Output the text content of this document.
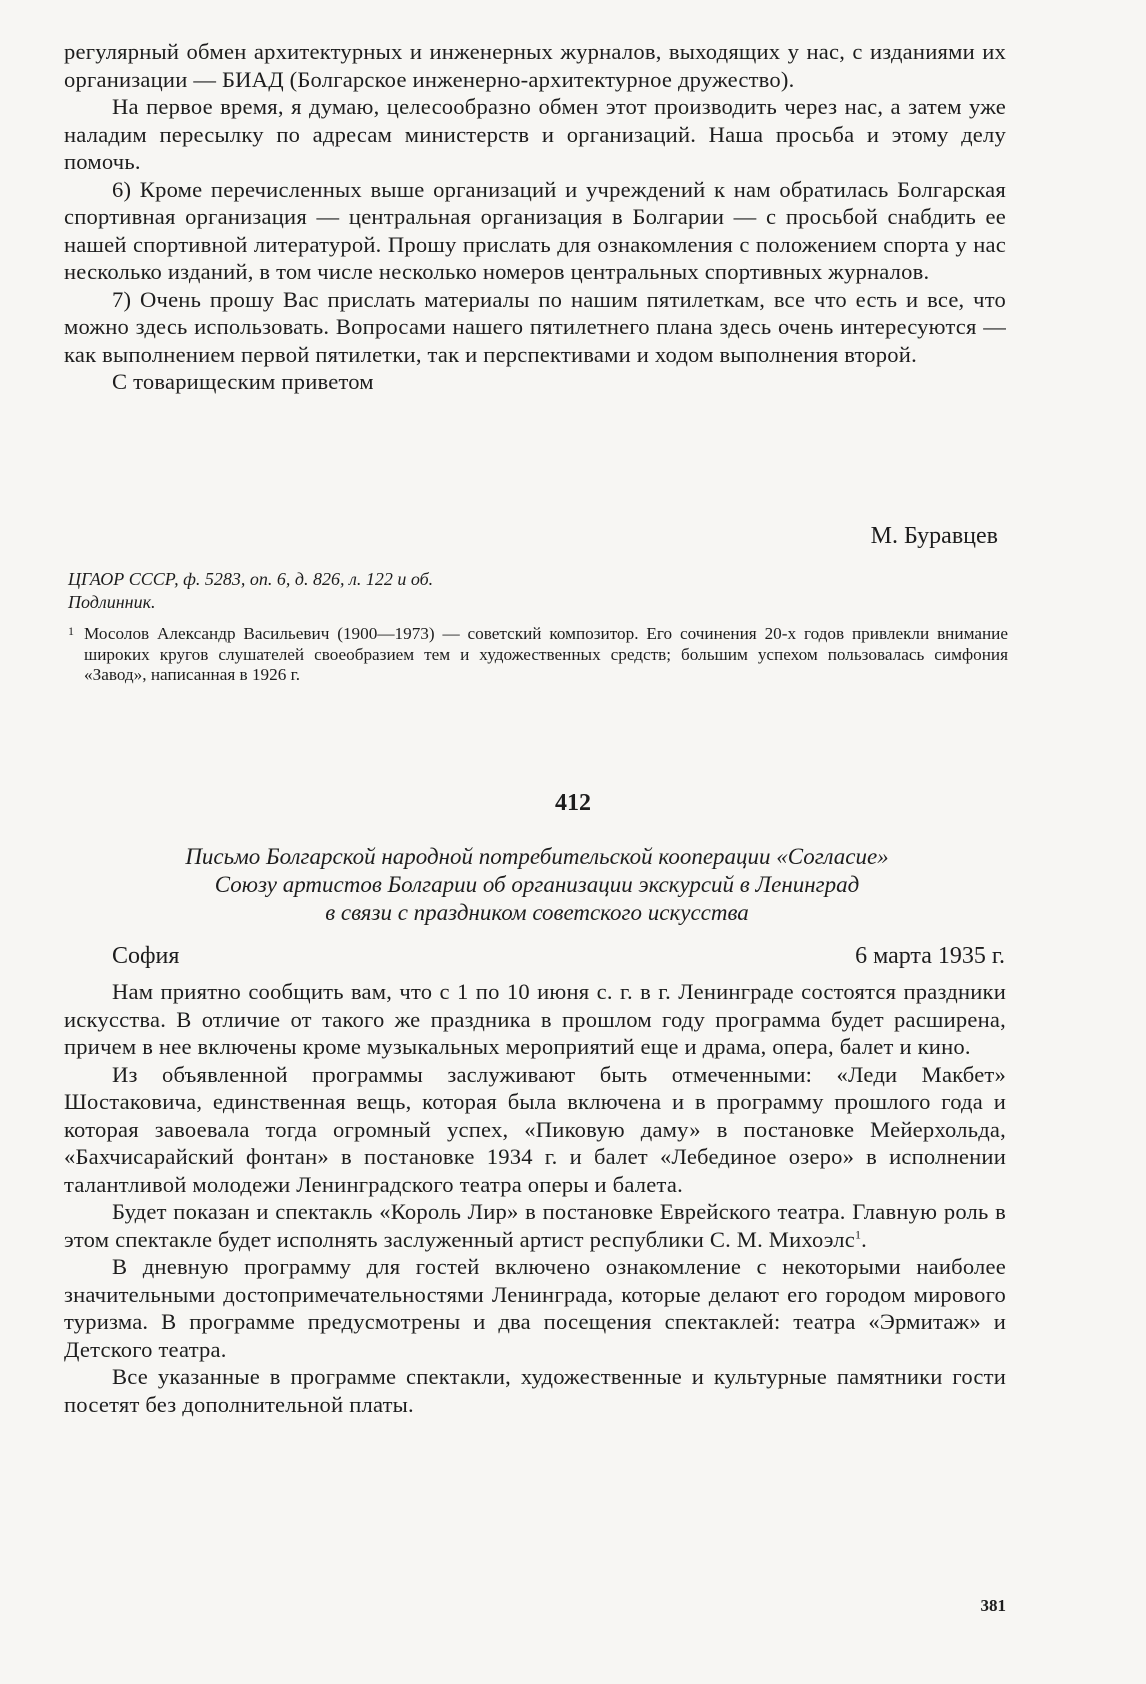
регулярный обмен архитектурных и инженерных журналов, выходящих у нас, с изданиями их организации — БИАД (Болгарское инженерно-архитектурное дружество).

На первое время, я думаю, целесообразно обмен этот производить через нас, а затем уже наладим пересылку по адресам министерств и организаций. Наша просьба и этому делу помочь.

6) Кроме перечисленных выше организаций и учреждений к нам обратилась Болгарская спортивная организация — центральная организация в Болгарии — с просьбой снабдить ее нашей спортивной литературой. Прошу прислать для ознакомления с положением спорта у нас несколько изданий, в том числе несколько номеров центральных спортивных журналов.

7) Очень прошу Вас прислать материалы по нашим пятилеткам, все что есть и все, что можно здесь использовать. Вопросами нашего пятилетнего плана здесь очень интересуются — как выполнением первой пятилетки, так и перспективами и ходом выполнения второй.

С товарищеским приветом

М. Буравцев
ЦГАОР СССР, ф. 5283, оп. 6, д. 826, л. 122 и об.
Подлинник.
1 Мосолов Александр Васильевич (1900—1973) — советский композитор. Его сочинения 20-х годов привлекли внимание широких кругов слушателей своеобразием тем и художественных средств; большим успехом пользовалась симфония «Завод», написанная в 1926 г.
412
Письмо Болгарской народной потребительской кооперации «Согласие»
Союзу артистов Болгарии об организации экскурсий в Ленинград
в связи с праздником советского искусства
София	6 марта 1935 г.

Нам приятно сообщить вам, что с 1 по 10 июня с. г. в г. Ленинграде состоятся праздники искусства. В отличие от такого же праздника в прошлом году программа будет расширена, причем в нее включены кроме музыкальных мероприятий еще и драма, опера, балет и кино.

Из объявленной программы заслуживают быть отмеченными: «Леди Макбет» Шостаковича, единственная вещь, которая была включена и в программу прошлого года и которая завоевала тогда огромный успех, «Пиковую даму» в постановке Мейерхольда, «Бахчисарайский фонтан» в постановке 1934 г. и балет «Лебединое озеро» в исполнении талантливой молодежи Ленинградского театра оперы и балета.

Будет показан и спектакль «Король Лир» в постановке Еврейского театра. Главную роль в этом спектакле будет исполнять заслуженный артист республики С. М. Михоэлс$^1$.

В дневную программу для гостей включено ознакомление с некоторыми наиболее значительными достопримечательностями Ленинграда, которые делают его городом мирового туризма. В программе предусмотрены и два посещения спектаклей: театра «Эрмитаж» и Детского театра.

Все указанные в программе спектакли, художественные и культурные памятники гости посетят без дополнительной платы.

381
